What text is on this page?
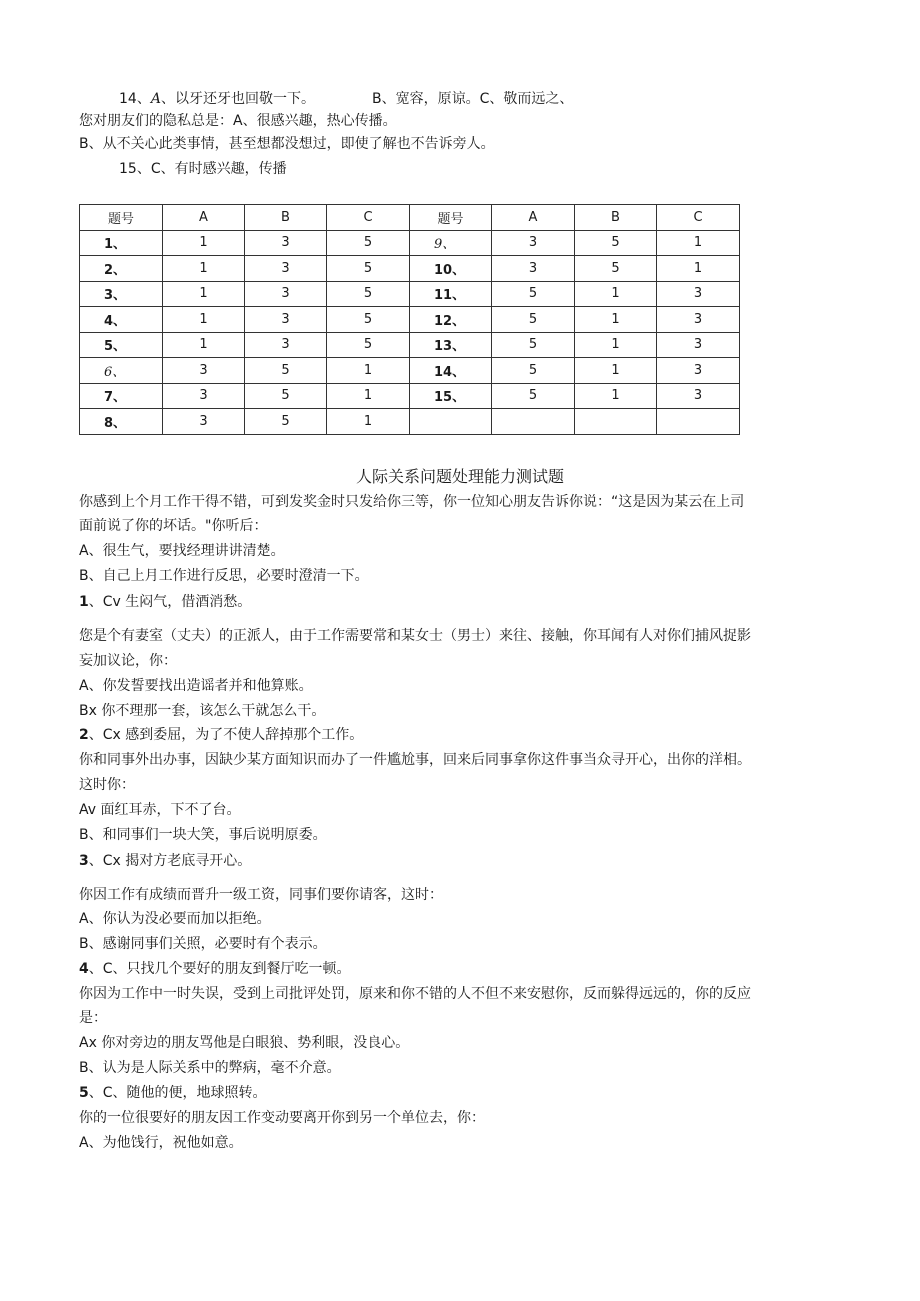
14、A、以牙还牙也回敬一下。	B、宽容，原谅。C、敬而远之、
您对朋友们的隐私总是：A、很感兴趣，热心传播。
B、从不关心此类事情，甚至想都没想过，即使了解也不告诉旁人。
15、C、有时感兴趣，传播
题号	A	B	C	题号	A	B	C
1、	1	3	5	9、	3	5	1
2、	1	3	5	10、	3	5	1
3、	1	3	5	11、	5	1	3
4、	1	3	5	12、	5	1	3
5、	1	3	5	13、	5	1	3
6、	3	5	1	14、	5	1	3
7、	3	5	1	15、	5	1	3
8、	3	5	1				
人际关系问题处理能力测试题
你感到上个月工作干得不错，可到发奖金时只发给你三等，你一位知心朋友告诉你说：“这是因为某云在上司
面前说了你的坏话。"你听后：
A、很生气，要找经理讲讲清楚。
B、自己上月工作进行反思，必要时澄清一下。
1、Cv 生闷气，借酒消愁。
您是个有妻室（丈夫）的正派人，由于工作需要常和某女士（男士）来往、接触，你耳闻有人对你们捕风捉影
妄加议论，你：
A、你发誓要找出造谣者并和他算账。
Bx 你不理那一套，该怎么干就怎么干。
2、Cx 感到委屈，为了不使人辞掉那个工作。
你和同事外出办事，因缺少某方面知识而办了一件尴尬事，回来后同事拿你这件事当众寻开心，出你的洋相。
这时你：
Av 面红耳赤，下不了台。
B、和同事们一块大笑，事后说明原委。
3、Cx 揭对方老底寻开心。
你因工作有成绩而晋升一级工资，同事们要你请客，这时：
A、你认为没必要而加以拒绝。
B、感谢同事们关照，必要时有个表示。
4、C、只找几个要好的朋友到餐厅吃一顿。
你因为工作中一时失误，受到上司批评处罚，原来和你不错的人不但不来安慰你，反而躲得远远的，你的反应
是：
Ax 你对旁边的朋友骂他是白眼狼、势利眼，没良心。
B、认为是人际关系中的弊病，毫不介意。
5、C、随他的便，地球照转。
你的一位很要好的朋友因工作变动要离开你到另一个单位去，你：
A、为他饯行，祝他如意。
